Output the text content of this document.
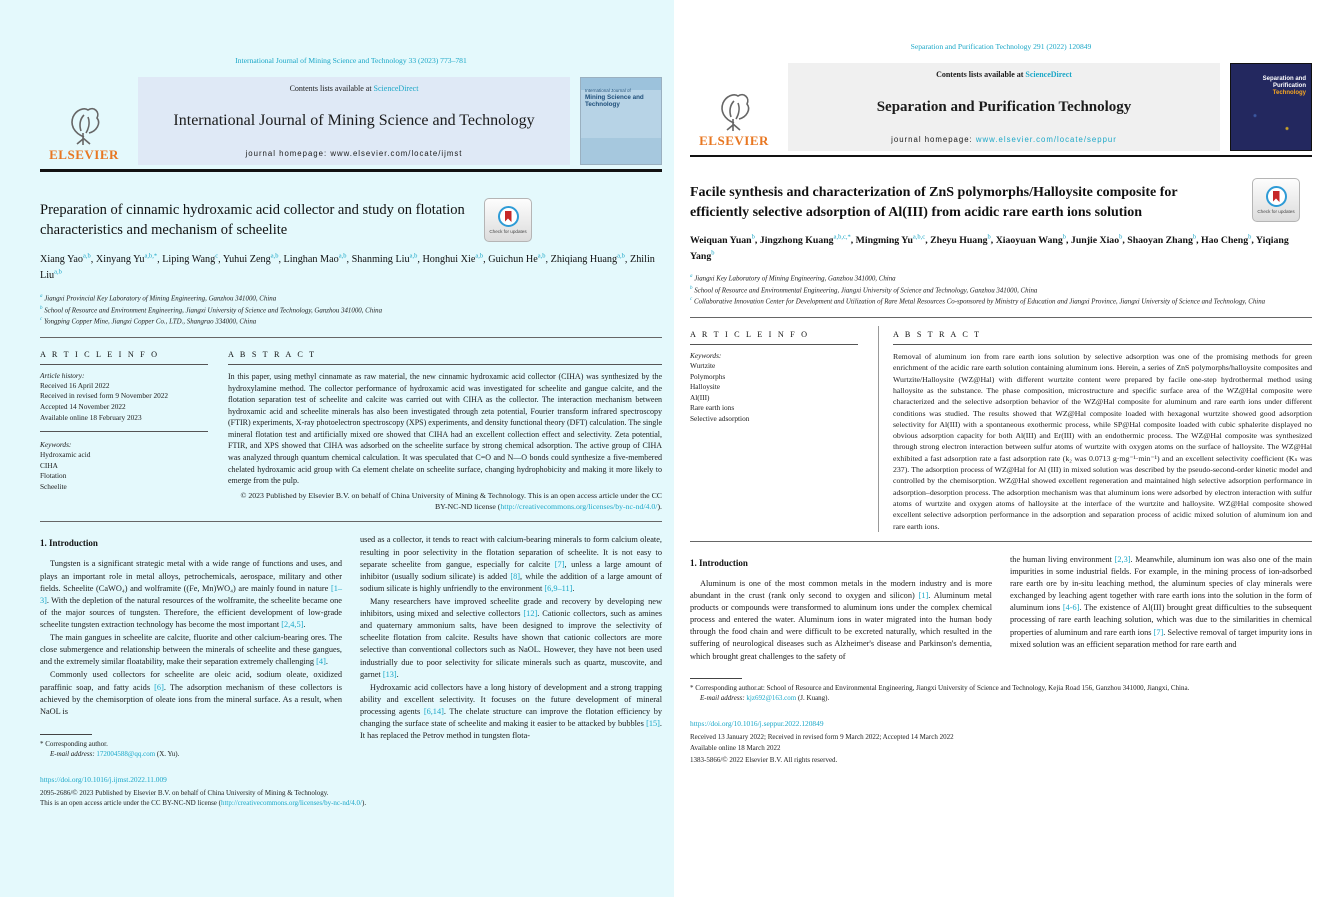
International Journal of Mining Science and Technology 33 (2023) 773–781
ELSEVIER
Contents lists available at ScienceDirect
International Journal of Mining Science and Technology
journal homepage: www.elsevier.com/locate/ijmst
International Journal of
Mining Science and Technology
Preparation of cinnamic hydroxamic acid collector and study on flotation characteristics and mechanism of scheelite	Check for updates
Xiang Yao$^{a,b}$, Xinyang $Yu^{a,b,*}$, Liping Wang$^c$, Yuhui Zeng$^{a,b}$, Linghan Mao$^{a,b}$, Shanming Liu$^{a,b}$, Honghui Xie$^{a,b}$, Guichun He$^{a,b}$, Zhiqiang Huang$^{a,b}$, Zhilin Liu$^{a,b}$
$^a$ Jiangxi Provincial Key Laboratory of Mining Engineering, Ganzhou 341000, China
$^b$ School of Resource and Environment Engineering, Jiangxi University of Science and Technology, Ganzhou 341000, China
$^c$ Yongping Copper Mine, Jiangxi Copper Co., LTD., Shangrao 334000, China
A R T I C L E I N F O
Article history:
Received 16 April 2022
Received in revised form 9 November 2022
Accepted 14 November 2022
Available online 18 February 2023
Keywords:
Hydroxamic acid
CIHA
Flotation
Scheelite
A B S T R A C T

In this paper, using methyl cinnamate as raw material, the new cinnamic hydroxamic acid collector (CIHA) was synthesized by the hydroxylamine method. The collector performance of hydroxamic acid was investigated for scheelite and gangue calcite, and the flotation separation test of scheelite and calcite was carried out with CIHA as the collector. The interaction mechanism between hydroxamic acid and scheelite minerals has also been investigated through zeta potential, Fourier transform infrared spectroscopy (FTIR) experiments, X-ray photoelectron spectroscopy (XPS) experiments, and density functional theory (DFT) calculation. The single mineral flotation test and artificially mixed ore showed that CIHA had an excellent collection effect and selectivity. Zeta potential, FTIR, and XPS showed that CIHA was adsorbed on the scheelite surface by strong chemical adsorption. The active group of CIHA was analyzed through quantum chemical calculation. It was speculated that C=O and N—O bonds could synthesize a five-membered chelated hydroxamic acid group with Ca element chelate on scheelite surface, changing hydrophobicity and making it more likely to emerge from the pulp.

© 2023 Published by Elsevier B.V. on behalf of China University of Mining & Technology. This is an open access article under the CC BY-NC-ND license (http://creativecommons.org/licenses/by-nc-nd/4.0/).
1. Introduction

Tungsten is a significant strategic metal with a wide range of functions and uses, and plays an important role in metal alloys, petrochemicals, aerospace, military and other fields. Scheelite (CaWO₄) and wolframite ((Fe, Mn)WO₄) are mainly found in nature [1–3]. With the depletion of the natural resources of the wolframite, the scheelite became one of the major sources of tungsten. Therefore, the efficient development of low-grade scheelite tungsten extraction technology has become the most important [2,4,5].

The main gangues in scheelite are calcite, fluorite and other calcium-bearing ores. The close submergence and relationship between the minerals of scheelite and these gangues, and the extremely similar floatability, make their separation extremely challenging [4].

Commonly used collectors for scheelite are oleic acid, sodium oleate, oxidized paraffinic soap, and fatty acids [6]. The adsorption mechanism of these collectors is achieved by the chemisorption of oleate ions from the mineral surface. As a result, when NaOL is

* Corresponding author.
E-mail address: 172004588@qq.com (X. Yu).

used as a collector, it tends to react with calcium-bearing minerals to form calcium oleate, resulting in poor selectivity in the flotation separation of scheelite. It is not easy to separate scheelite from gangue, especially for calcite [7], unless a large amount of inhibitor (usually sodium silicate) is added [8], while the addition of a large amount of sodium silicate is highly unfriendly to the environment [6,9–11].

Many researchers have improved scheelite grade and recovery by developing new inhibitors, using mixed and selective collectors [12]. Cationic collectors, such as amines and quaternary ammonium salts, have been designed to improve the selectivity of scheelite flotation from calcite. Results have shown that cationic collectors are more selective than conventional collectors such as NaOL. However, they have not been used industrially due to poor selectivity for silicate minerals such as quartz, muscovite, and garnet [13].

Hydroxamic acid collectors have a long history of development and a strong trapping ability and excellent selectivity. It focuses on the future development of mineral processing agents [6,14]. The chelate structure can improve the flotation efficiency by changing the surface state of scheelite and making it easier to be attacked by bubbles [15]. It has replaced the Petrov method in tungsten flota-

https://doi.org/10.1016/j.ijmst.2022.11.009
2095-2686/© 2023 Published by Elsevier B.V. on behalf of China University of Mining & Technology.
This is an open access article under the CC BY-NC-ND license (http://creativecommons.org/licenses/by-nc-nd/4.0/).
Separation and Purification Technology 291 (2022) 120849
ELSEVIER
Contents lists available at ScienceDirect
Separation and Purification Technology
journal homepage: www.elsevier.com/locate/seppur
Separation and
Purification
Technology
Facile synthesis and characterization of ZnS polymorphs/Halloysite composite for efficiently selective adsorption of Al(III) from acidic rare earth ions solution	Check for updates
Weiquan Yuan$^b$, Jingzhong Kuang$^{a,b,c,*}$, Mingming Yu$^{a,b,c}$, Zheyu Huang$^b$, Xiaoyuan Wang$^b$, Junjie Xiao$^b$, Shaoyan Zhang$^b$, Hao Cheng$^b$, Yiqiang Yang$^b$
$^a$ Jiangxi Key Laboratory of Mining Engineering, Ganzhou 341000, China
$^b$ School of Resource and Environmental Engineering, Jiangxi University of Science and Technology, Ganzhou 341000, China
$^c$ Collaborative Innovation Center for Development and Utilization of Rare Metal Resources Co-sponsored by Ministry of Education and Jiangxi Province, Jiangxi University of Science and Technology, China
A R T I C L E I N F O
Keywords:
Wurtzite
Polymorphs
Halloysite
Al(III)
Rare earth ions
Selective adsorption
A B S T R A C T

Removal of aluminum ion from rare earth ions solution by selective adsorption was one of the promising methods for green enrichment of the acidic rare earth solution containing aluminum ions. Herein, a series of ZnS polymorphs/halloysite composites and Wurtzite/Halloysite (WZ@Hal) with different wurtzite content were prepared by facile one-step hydrothermal method using halloysite as the substance. The phase composition, microstructure and specific surface area of the WZ@Hal composite were characterized and the selective adsorption behavior of the WZ@Hal composite for aluminum and rare earth ions under different conditions was studied. The results showed that WZ@Hal composite loaded with hexagonal wurtzite showed good adsorption selectivity for Al(III) with a spontaneous exothermic process, while SP@Hal composite loaded with cubic sphalerite displayed no obvious adsorption capacity for both Al(III) and Er(III) with an endothermic process. The WZ@Hal composite was synthesized through strong electron interaction between sulfur atoms of wurtzite with oxygen atoms on the surface of halloysite. The WZ@Hal exhibited a fast adsorption rate a fast adsorption rate (k₂ was 0.0713 g·mg⁻¹·min⁻¹) and an excellent selectivity coefficient (Kₛ was 237). The adsorption process of WZ@Hal for Al (III) in mixed solution was described by the pseudo-second-order kinetic model and controlled by the chemisorption. WZ@Hal showed excellent regeneration and maintained high selective adsorption performance in adsorption–desorption process. The adsorption mechanism was that aluminum ions were adsorbed by electron interaction with sulfur atoms of wurtzite and oxygen atoms of halloysite at the interface of the wurtzite and halloysite. WZ@Hal composite showed excellent selective adsorption performance in the adsorption and separation process of acidic mixed solution of aluminum ion and rare earth ions.

1. Introduction

Aluminum is one of the most common metals in the modern industry and is more abundant in the crust (rank only second to oxygen and silicon) [1]. Aluminum metal products or compounds were transformed to aluminum ions under the complex chemical process and entered the water. Aluminum ions in water migrated into the human body through the food chain and were difficult to be excreted naturally, which resulted in the suffering of neurological diseases such as Alzheimer's disease and Parkinson's dementia, which brought great challenges to the safety of

the human living environment [2,3]. Meanwhile, aluminum ion was also one of the main impurities in some industrial fields. For example, in the mining process of ion-adsorbed rare earth ore by in-situ leaching method, the aluminum species of clay minerals were exchanged by leaching agent together with rare earth ions into the solution in the form of aluminum ions [4-6]. The existence of Al(III) brought great difficulties to the subsequent processing of rare earth leaching solution, which was due to the similarities in chemical properties of aluminum and rare earth ions [7]. Selective removal of target impurity ions in mixed solution was an efficient separation method for rare earth and

* Corresponding author.at: School of Resource and Environmental Engineering, Jiangxi University of Science and Technology, Kejia Road 156, Ganzhou 341000, Jiangxi, China.
E-mail address: kjz692@163.com (J. Kuang).
https://doi.org/10.1016/j.seppur.2022.120849
Received 13 January 2022; Received in revised form 9 March 2022; Accepted 14 March 2022
Available online 18 March 2022
1383-5866/© 2022 Elsevier B.V. All rights reserved.
